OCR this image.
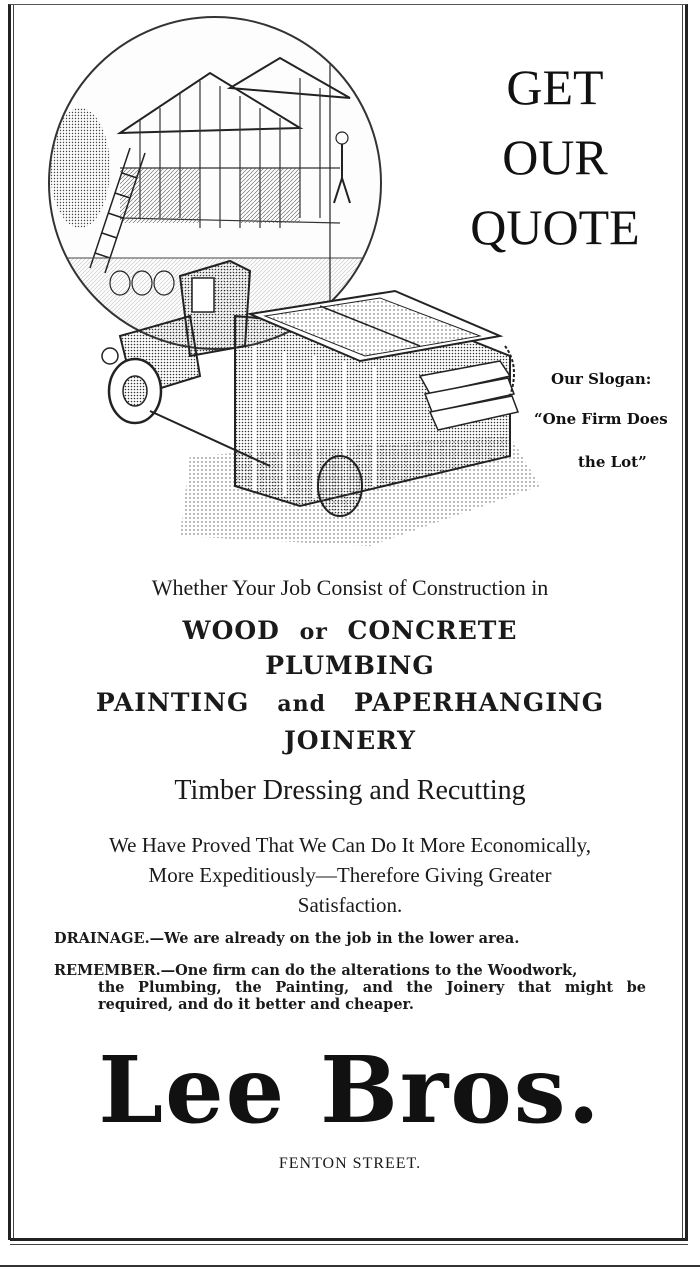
GET
OUR
QUOTE
Our Slogan:
“One Firm Does
the Lot”
Whether Your Job Consist of Construction in
WOOD or CONCRETE
PLUMBING
PAINTING and PAPERHANGING
JOINERY
Timber Dressing and Recutting
We Have Proved That We Can Do It More Economically,
More Expeditiously—Therefore Giving Greater
Satisfaction.
DRAINAGE.—We are already on the job in the lower area.
REMEMBER.—One firm can do the alterations to the Woodwork,
the Plumbing, the Painting, and the Joinery that might be required, and do it better and cheaper.
Lee Bros.
FENTON STREET.
